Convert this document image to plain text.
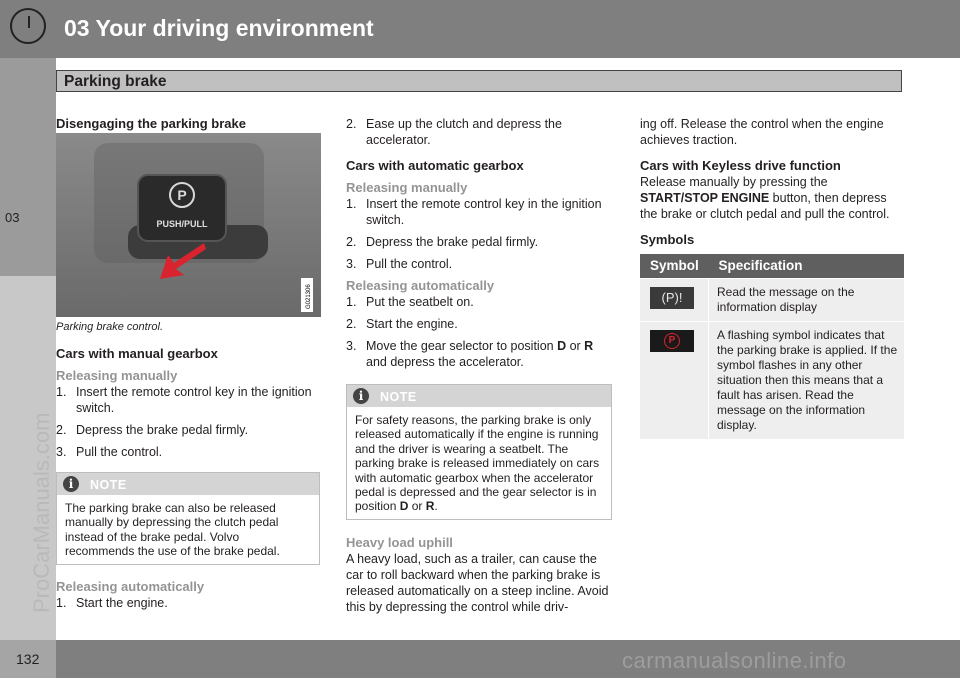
03 Your driving environment
Parking brake
03
ProCarManuals.com

Disengaging the parking brake

P
PUSH/PULL
G021306

Parking brake control.

Cars with manual gearbox

Releasing manually

1. Insert the remote control key in the ignition switch.
2. Depress the brake pedal firmly.
3. Pull the control.
i	NOTE
The parking brake can also be released manually by depressing the clutch pedal instead of the brake pedal. Volvo recommends the use of the brake pedal.

Releasing automatically

1. Start the engine.
2. Ease up the clutch and depress the accelerator.

Cars with automatic gearbox

Releasing manually

1. Insert the remote control key in the ignition switch.
2. Depress the brake pedal firmly.
3. Pull the control.

Releasing automatically

1. Put the seatbelt on.
2. Start the engine.
3. Move the gear selector to position D or R
and depress the accelerator.
i	NOTE
For safety reasons, the parking brake is only released automatically if the engine is running and the driver is wearing a seatbelt. The parking brake is released immediately on cars with automatic gearbox when the accelerator pedal is depressed and the gear selector is in position D or R.

Heavy load uphill

A heavy load, such as a trailer, can cause the car to roll backward when the parking brake is released automatically on a steep incline. Avoid this by depressing the control while driv-

ing off. Release the control when the engine achieves traction.

Cars with Keyless drive function

Release manually by pressing the START/STOP ENGINE button, then depress the brake or clutch pedal and pull the control.

Symbols

Symbol	Specification
(P)!	Read the message on the information display

P	A flashing symbol indicates that the parking brake is applied. If the symbol flashes in any other situation then this means that a fault has arisen. Read the message on the information display.
132	carmanualsonline.info
